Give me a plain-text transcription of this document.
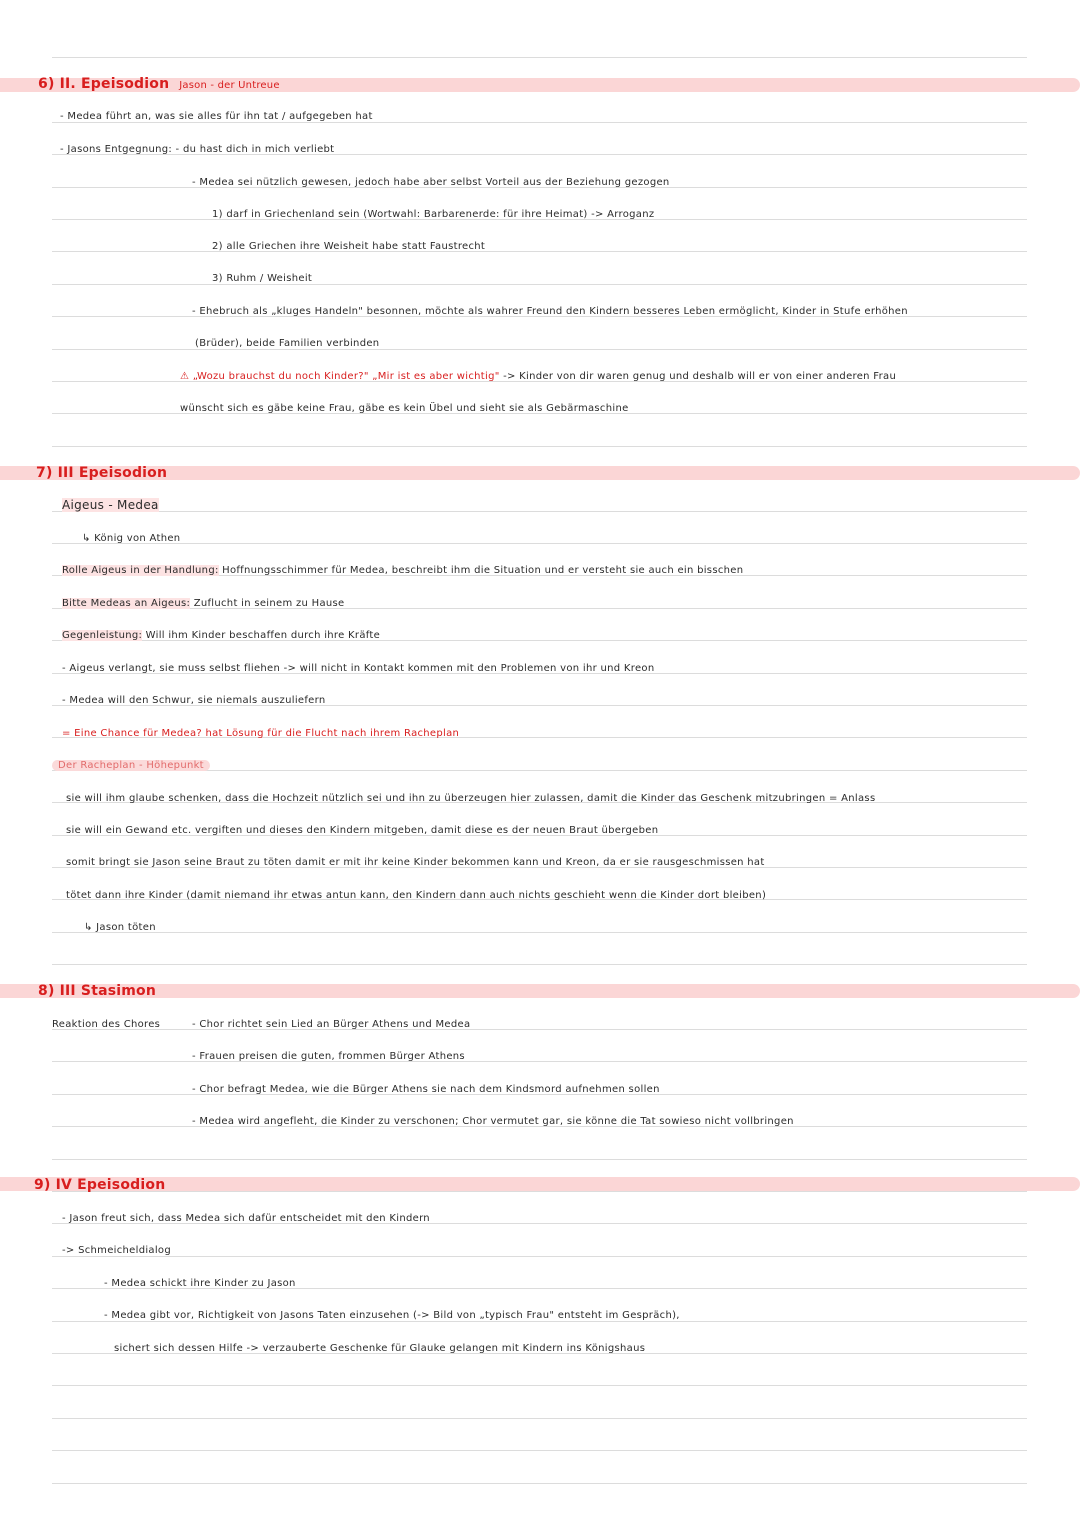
6) II. Epeisodion Jason - der Untreue
- Medea führt an, was sie alles für ihn tat / aufgegeben hat
- Jasons Entgegnung: - du hast dich in mich verliebt
- Medea sei nützlich gewesen, jedoch habe aber selbst Vorteil aus der Beziehung gezogen
1) darf in Griechenland sein (Wortwahl: Barbarenerde: für ihre Heimat) -> Arroganz
2) alle Griechen ihre Weisheit habe statt Faustrecht
3) Ruhm / Weisheit
- Ehebruch als „kluges Handeln" besonnen, möchte als wahrer Freund den Kindern besseres Leben ermöglicht, Kinder in Stufe erhöhen
(Brüder), beide Familien verbinden
⚠ „Wozu brauchst du noch Kinder?" „Mir ist es aber wichtig" -> Kinder von dir waren genug und deshalb will er von einer anderen Frau
wünscht sich es gäbe keine Frau, gäbe es kein Übel und sieht sie als Gebärmaschine
7) III Epeisodion
Aigeus - Medea
↳ König von Athen
Rolle Aigeus in der Handlung: Hoffnungsschimmer für Medea, beschreibt ihm die Situation und er versteht sie auch ein bisschen
Bitte Medeas an Aigeus: Zuflucht in seinem zu Hause
Gegenleistung: Will ihm Kinder beschaffen durch ihre Kräfte
- Aigeus verlangt, sie muss selbst fliehen -> will nicht in Kontakt kommen mit den Problemen von ihr und Kreon
- Medea will den Schwur, sie niemals auszuliefern
= Eine Chance für Medea? hat Lösung für die Flucht nach ihrem Racheplan
Der Racheplan - Höhepunkt
sie will ihm glaube schenken, dass die Hochzeit nützlich sei und ihn zu überzeugen hier zulassen, damit die Kinder das Geschenk mitzubringen = Anlass
sie will ein Gewand etc. vergiften und dieses den Kindern mitgeben, damit diese es der neuen Braut übergeben
somit bringt sie Jason seine Braut zu töten damit er mit ihr keine Kinder bekommen kann und Kreon, da er sie rausgeschmissen hat
tötet dann ihre Kinder (damit niemand ihr etwas antun kann, den Kindern dann auch nichts geschieht wenn die Kinder dort bleiben)
↳ Jason töten
8) III Stasimon
Reaktion des Chores	- Chor richtet sein Lied an Bürger Athens und Medea
- Frauen preisen die guten, frommen Bürger Athens
- Chor befragt Medea, wie die Bürger Athens sie nach dem Kindsmord aufnehmen sollen
- Medea wird angefleht, die Kinder zu verschonen; Chor vermutet gar, sie könne die Tat sowieso nicht vollbringen
9) IV Epeisodion
- Jason freut sich, dass Medea sich dafür entscheidet mit den Kindern
-> Schmeicheldialog
- Medea schickt ihre Kinder zu Jason
- Medea gibt vor, Richtigkeit von Jasons Taten einzusehen (-> Bild von „typisch Frau" entsteht im Gespräch),
sichert sich dessen Hilfe -> verzauberte Geschenke für Glauke gelangen mit Kindern ins Königshaus
